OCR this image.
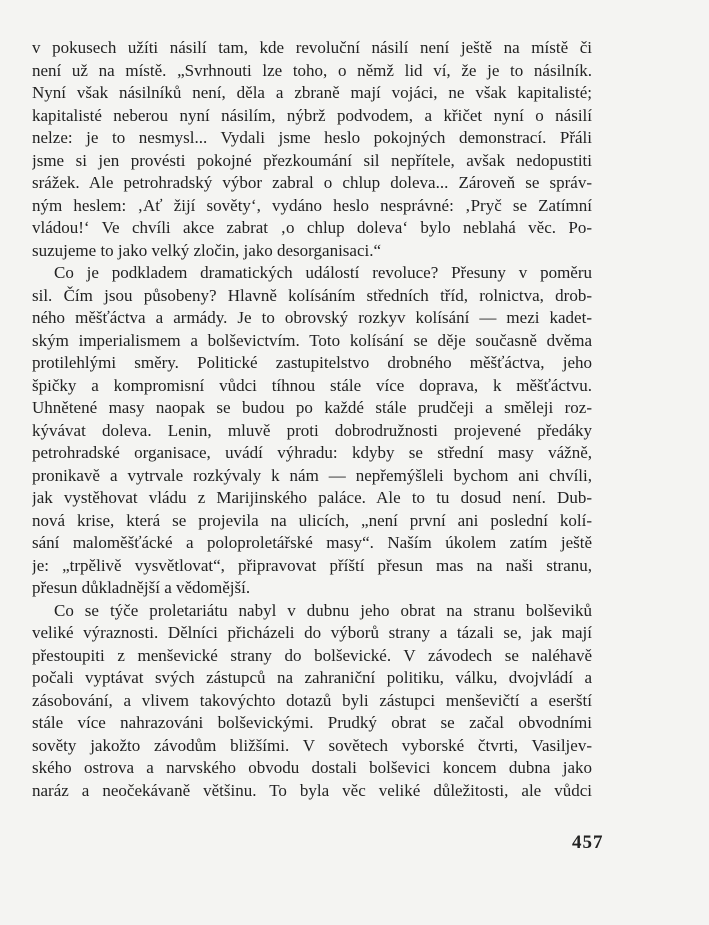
v pokusech užíti násilí tam, kde revoluční násilí není ještě na místě či
není už na místě. „Svrhnouti lze toho, o němž lid ví, že je to násilník.
Nyní však násilníků není, děla a zbraně mají vojáci, ne však kapitalisté;
kapitalisté neberou nyní násilím, nýbrž podvodem, a křičet nyní o násilí
nelze: je to nesmysl... Vydali jsme heslo pokojných demonstrací. Přáli
jsme si jen provésti pokojné přezkoumání sil nepřítele, avšak nedopustiti
srážek. Ale petrohradský výbor zabral o chlup doleva... Zároveň se správ-
ným heslem: ‚Ať žijí sověty‘, vydáno heslo nesprávné: ‚Pryč se Zatímní
vládou!‘ Ve chvíli akce zabrat ‚o chlup doleva‘ bylo neblahá věc. Po-
suzujeme to jako velký zločin, jako desorganisaci.“
Co je podkladem dramatických událostí revoluce? Přesuny v poměru
sil. Čím jsou působeny? Hlavně kolísáním středních tříd, rolnictva, drob-
ného měšťáctva a armády. Je to obrovský rozkyv kolísání — mezi kadet-
ským imperialismem a bolševictvím. Toto kolísání se děje současně dvěma
protilehlými směry. Politické zastupitelstvo drobného měšťáctva, jeho
špičky a kompromisní vůdci tíhnou stále více doprava, k měšťáctvu.
Uhnětené masy naopak se budou po každé stále prudčeji a směleji roz-
kývávat doleva. Lenin, mluvě proti dobrodružnosti projevené předáky
petrohradské organisace, uvádí výhradu: kdyby se střední masy vážně,
pronikavě a vytrvale rozkývaly k nám — nepřemýšleli bychom ani chvíli,
jak vystěhovat vládu z Marijinského paláce. Ale to tu dosud není. Dub-
nová krise, která se projevila na ulicích, „není první ani poslední kolí-
sání maloměšťácké a poloproletářské masy“. Naším úkolem zatím ještě
je: „trpělivě vysvětlovat“, připravovat příští přesun mas na naši stranu,
přesun důkladnější a vědomější.
Co se týče proletariátu nabyl v dubnu jeho obrat na stranu bolševiků
veliké výraznosti. Dělníci přicházeli do výborů strany a tázali se, jak mají
přestoupiti z menševické strany do bolševické. V závodech se naléhavě
počali vyptávat svých zástupců na zahraniční politiku, válku, dvojvládí a
zásobování, a vlivem takovýchto dotazů byli zástupci menševičtí a eserští
stále více nahrazováni bolševickými. Prudký obrat se začal obvodními
sověty jakožto závodům bližšími. V sovětech vyborské čtvrti, Vasiljev-
ského ostrova a narvského obvodu dostali bolševici koncem dubna jako
naráz a neočekávaně většinu. To byla věc veliké důležitosti, ale vůdci
457
